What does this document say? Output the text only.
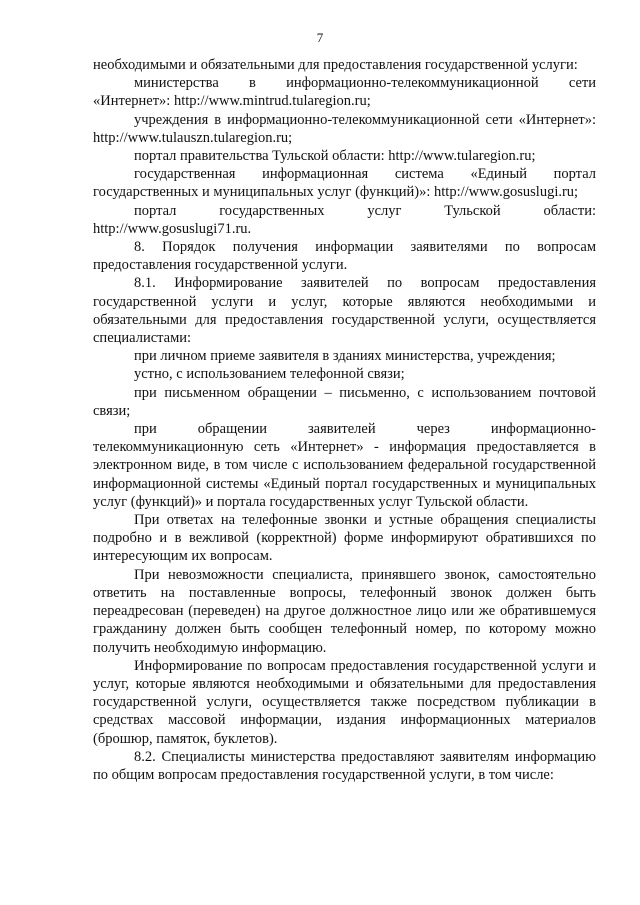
7

необходимыми и обязательными для предоставления государственной услуги:

министерства в информационно-телекоммуникационной сети «Интернет»: http://www.mintrud.tularegion.ru;

учреждения в информационно-телекоммуникационной сети «Интернет»: http://www.tulauszn.tularegion.ru;

портал правительства Тульской области: http://www.tularegion.ru;

государственная информационная система «Единый портал государственных и муниципальных услуг (функций)»: http://www.gosuslugi.ru;

портал государственных услуг Тульской области: http://www.gosuslugi71.ru.

8. Порядок получения информации заявителями по вопросам предоставления государственной услуги.

8.1. Информирование заявителей по вопросам предоставления государственной услуги и услуг, которые являются необходимыми и обязательными для предоставления государственной услуги, осуществляется специалистами:

при личном приеме заявителя в зданиях министерства, учреждения;

устно, с использованием телефонной связи;

при письменном обращении – письменно, с использованием почтовой связи;

при обращении заявителей через информационно-телекоммуникационную сеть «Интернет» - информация предоставляется в электронном виде, в том числе с использованием федеральной государственной информационной системы «Единый портал государственных и муниципальных услуг (функций)» и портала государственных услуг Тульской области.

При ответах на телефонные звонки и устные обращения специалисты подробно и в вежливой (корректной) форме информируют обратившихся по интересующим их вопросам.

При невозможности специалиста, принявшего звонок, самостоятельно ответить на поставленные вопросы, телефонный звонок должен быть переадресован (переведен) на другое должностное лицо или же обратившемуся гражданину должен быть сообщен телефонный номер, по которому можно получить необходимую информацию.

Информирование по вопросам предоставления государственной услуги и услуг, которые являются необходимыми и обязательными для предоставления государственной услуги, осуществляется также посредством публикации в средствах массовой информации, издания информационных материалов (брошюр, памяток, буклетов).

8.2. Специалисты министерства предоставляют заявителям информацию по общим вопросам предоставления государственной услуги, в том числе:
